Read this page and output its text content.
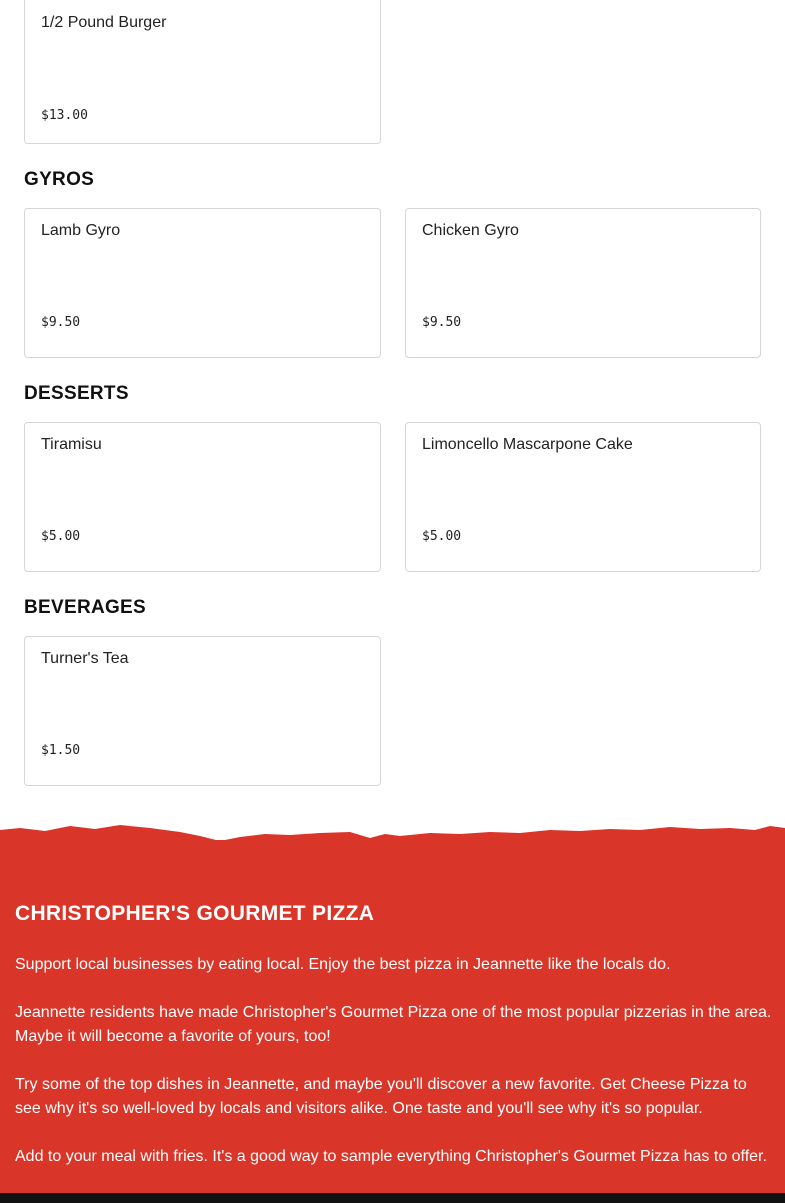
1/2 Pound Burger
$13.00
GYROS
Lamb Gyro
$9.50
Chicken Gyro
$9.50
DESSERTS
Tiramisu
$5.00
Limoncello Mascarpone Cake
$5.00
BEVERAGES
Turner's Tea
$1.50
CHRISTOPHER'S GOURMET PIZZA

Support local businesses by eating local. Enjoy the best pizza in Jeannette like the locals do.

Jeannette residents have made Christopher's Gourmet Pizza one of the most popular pizzerias in the area. Maybe it will become a favorite of yours, too!

Try some of the top dishes in Jeannette, and maybe you'll discover a new favorite. Get Cheese Pizza to see why it's so well-loved by locals and visitors alike. One taste and you'll see why it's so popular.

Add to your meal with fries. It's a good way to sample everything Christopher's Gourmet Pizza has to offer.
